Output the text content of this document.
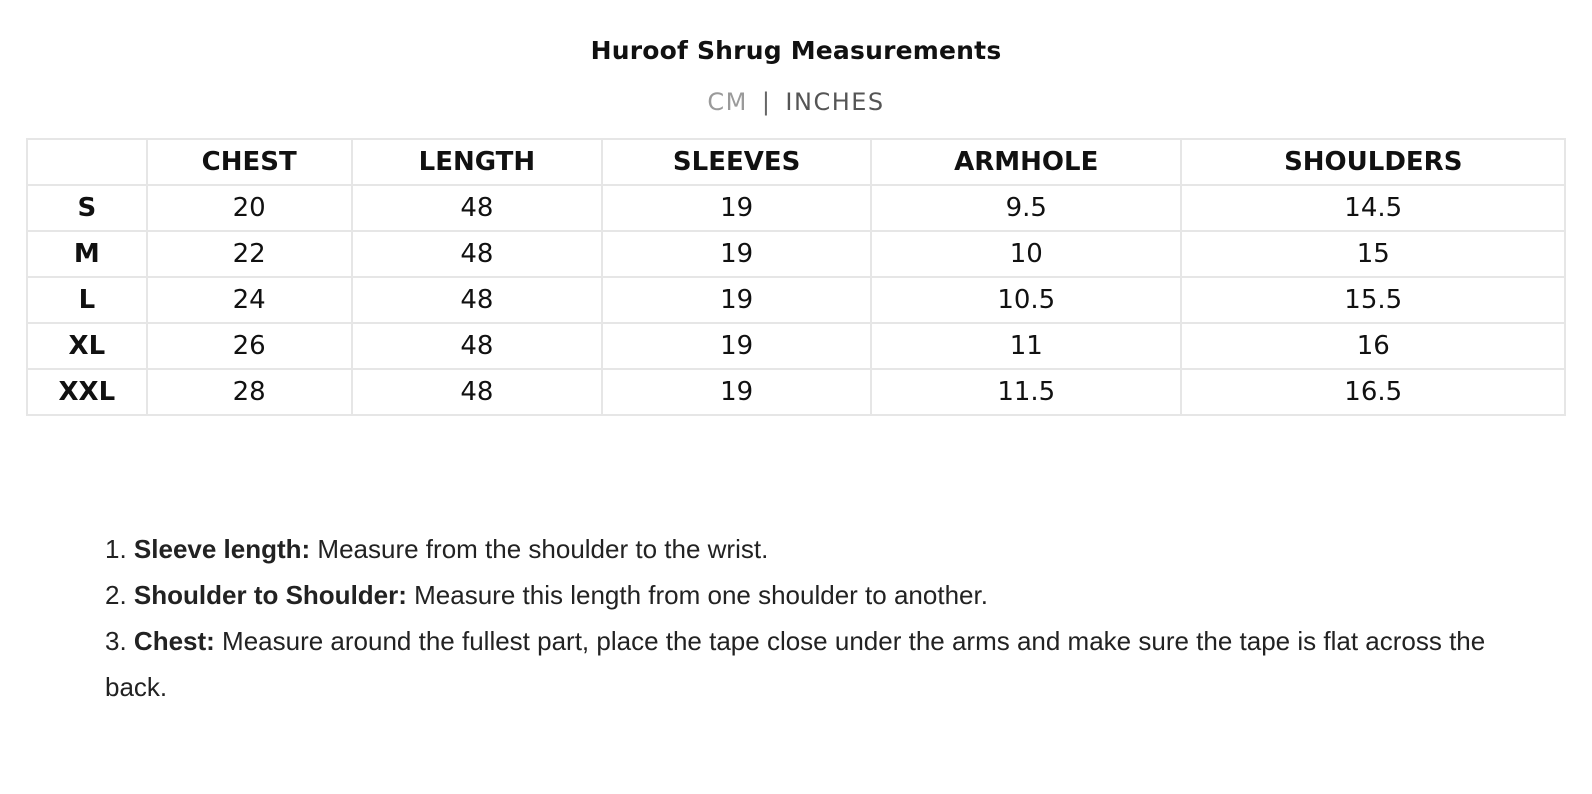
Huroof Shrug Measurements
CM | INCHES
	CHEST	LENGTH	SLEEVES	ARMHOLE	SHOULDERS
S	20	48	19	9.5	14.5
M	22	48	19	10	15
L	24	48	19	10.5	15.5
XL	26	48	19	11	16
XXL	28	48	19	11.5	16.5
1. Sleeve length: Measure from the shoulder to the wrist.
2. Shoulder to Shoulder: Measure this length from one shoulder to another.
3. Chest: Measure around the fullest part, place the tape close under the arms and make sure the tape is flat across the back.
